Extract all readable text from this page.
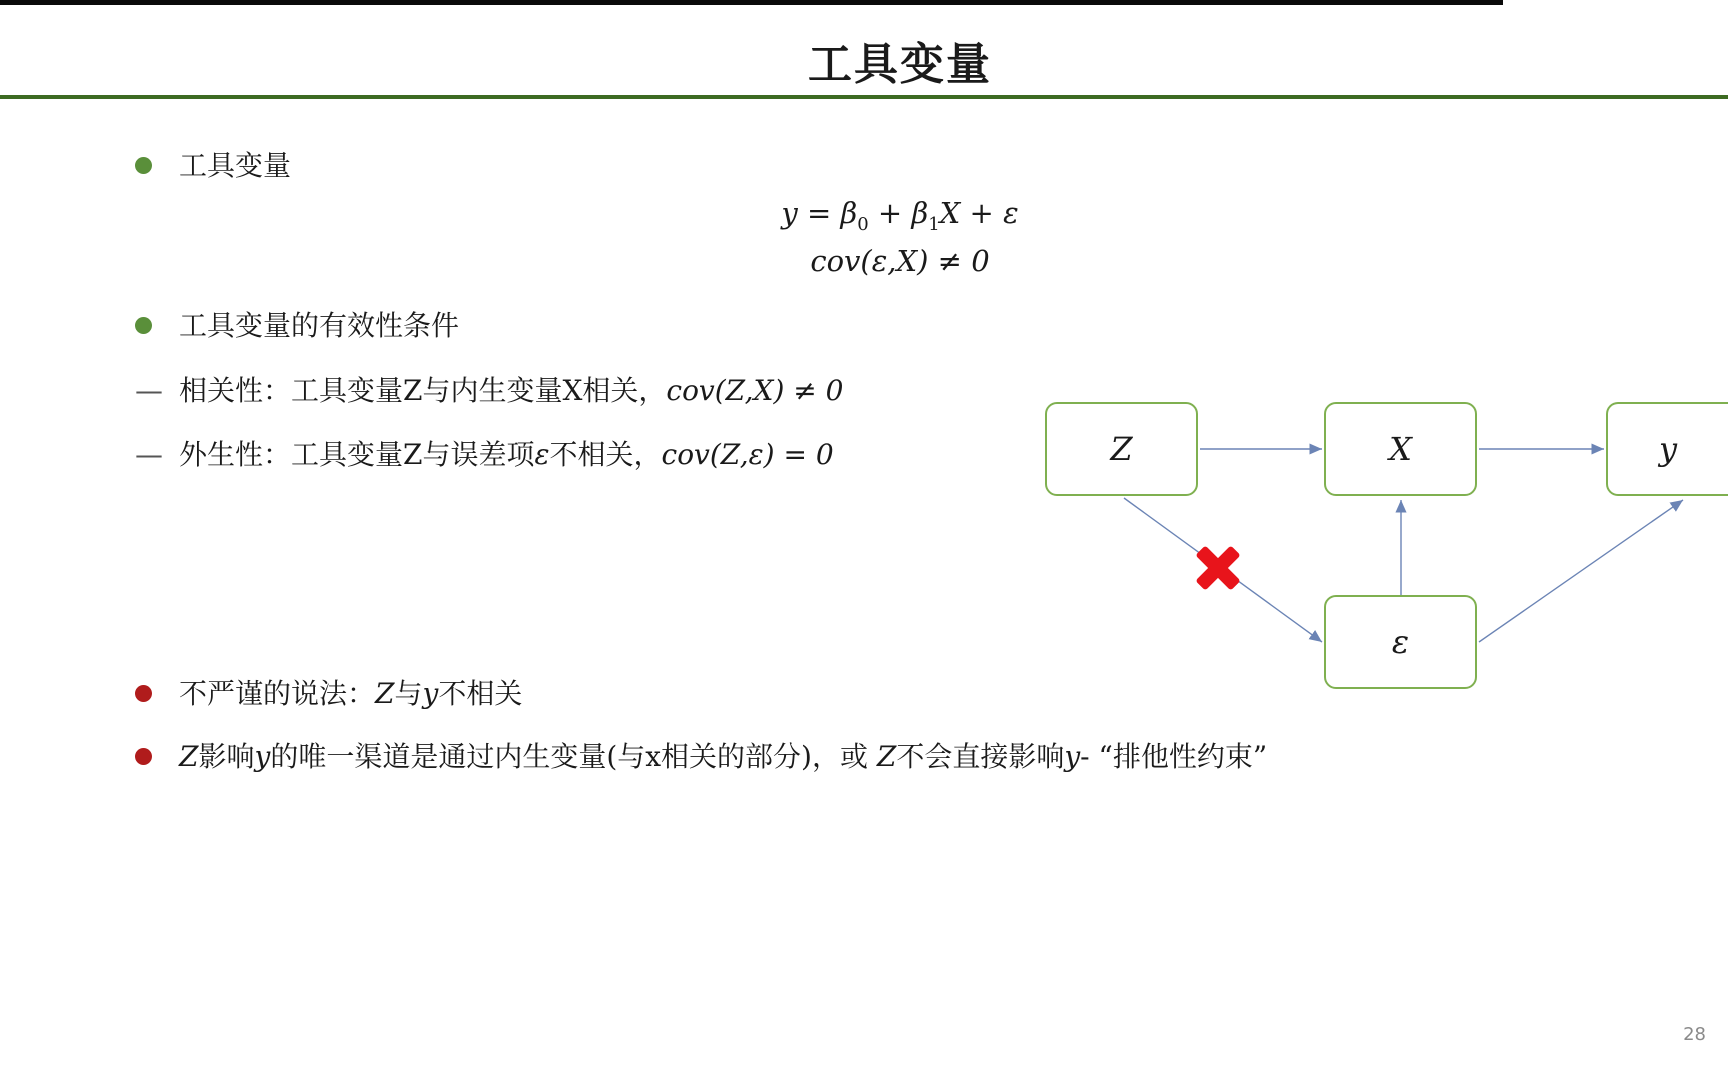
工具变量
工具变量
$y = \beta_0 + \beta_1X + \varepsilon$
cov(ε,X) ≠ 0
工具变量的有效性条件
— 相关性：工具变量Z与内生变量X相关，cov(Z,X) ≠ 0
— 外生性：工具变量Z与误差项ε不相关，cov(Z,ε) = 0
不严谨的说法：Z与y不相关
Z影响y的唯一渠道是通过内生变量(与x相关的部分)，或 Z不会直接影响y- “排他性约束”
Z	X	y
ε
28
